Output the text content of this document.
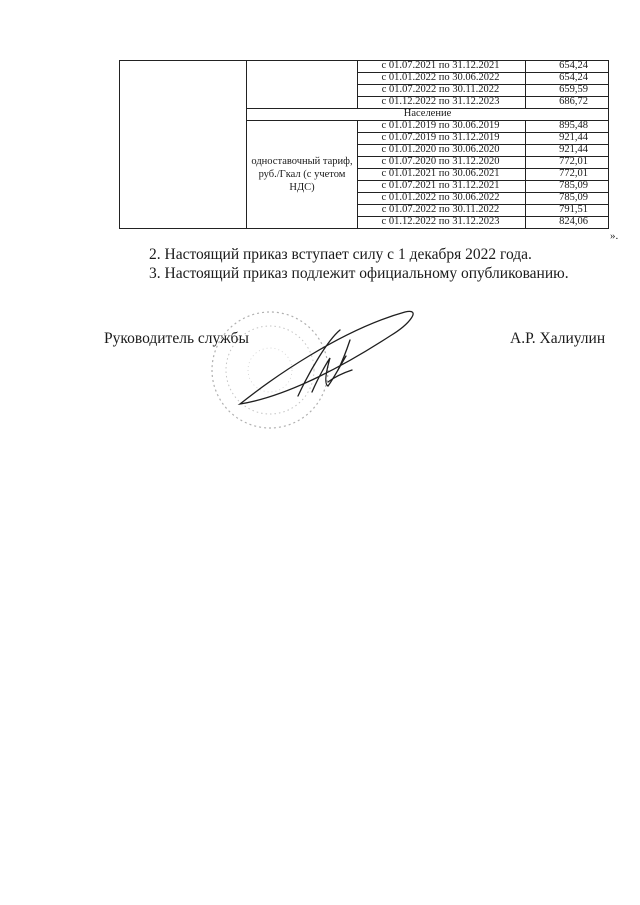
		с 01.07.2021 по 31.12.2021	654,24
		с 01.01.2022 по 30.06.2022	654,24
		с 01.07.2022 по 30.11.2022	659,59
		с 01.12.2022 по 31.12.2023	686,72
	Население		
	одноставочный тариф, руб./Гкал (с учетом НДС)	с 01.01.2019 по 30.06.2019	895,48
		с 01.07.2019 по 31.12.2019	921,44
		с 01.01.2020 по 30.06.2020	921,44
		с 01.07.2020 по 31.12.2020	772,01
		с 01.01.2021 по 30.06.2021	772,01
		с 01.07.2021 по 31.12.2021	785,09
		с 01.01.2022 по 30.06.2022	785,09
		с 01.07.2022 по 30.11.2022	791,51
		с 01.12.2022 по 31.12.2023	824,06
».
2. Настоящий приказ вступает силу с 1 декабря 2022 года.
3. Настоящий приказ подлежит официальному опубликованию.
Руководитель службы	А.Р. Халиулин
